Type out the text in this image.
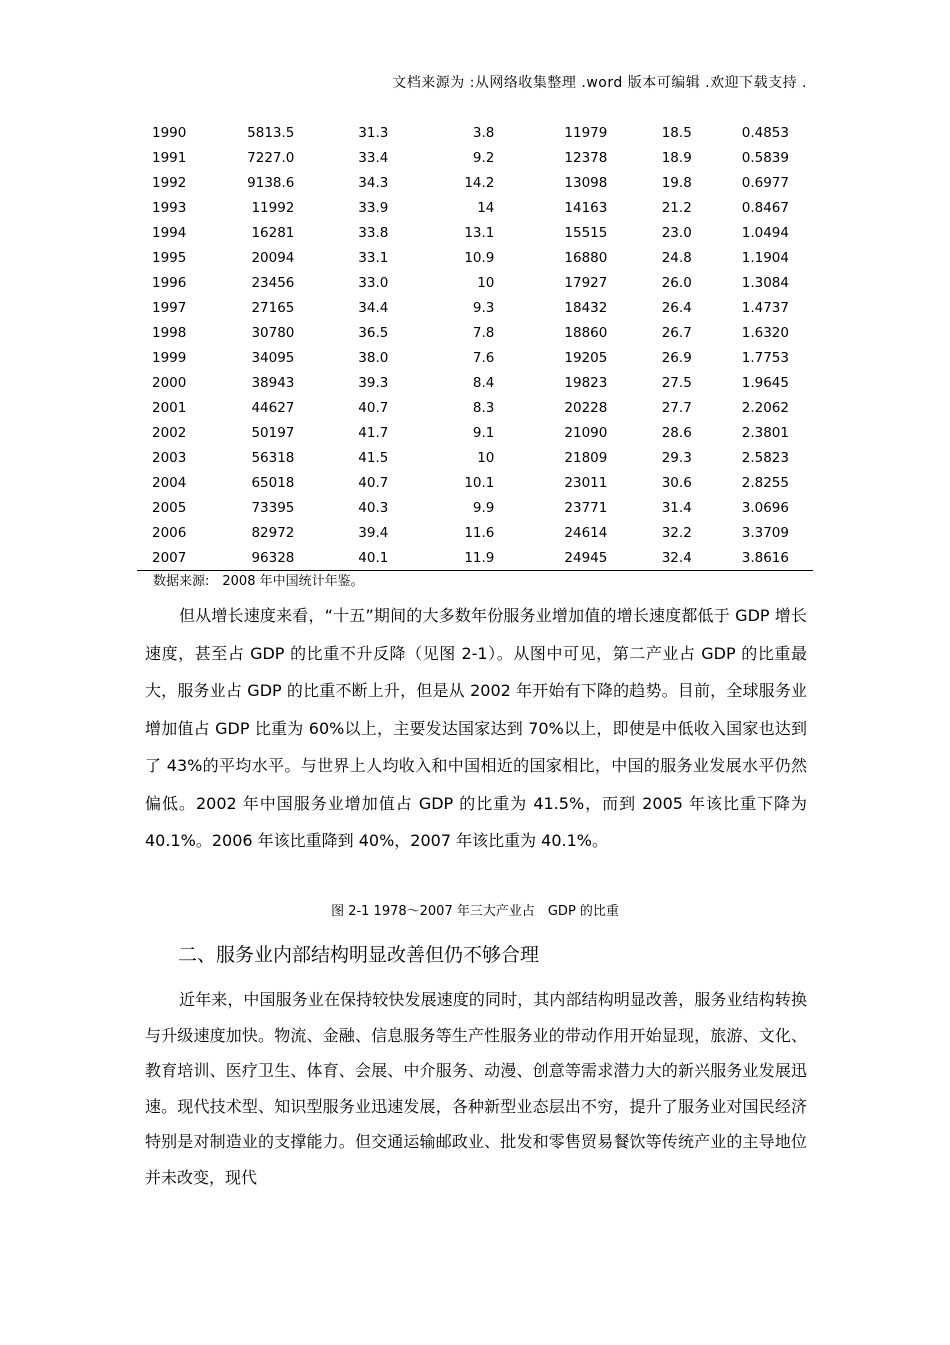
文档来源为 :从网络收集整理 .word 版本可编辑 .欢迎下载支持 .
1990	5813.5	31.3	3.8	11979	18.5	0.4853
1991	7227.0	33.4	9.2	12378	18.9	0.5839
1992	9138.6	34.3	14.2	13098	19.8	0.6977
1993	11992	33.9	14	14163	21.2	0.8467
1994	16281	33.8	13.1	15515	23.0	1.0494
1995	20094	33.1	10.9	16880	24.8	1.1904
1996	23456	33.0	10	17927	26.0	1.3084
1997	27165	34.4	9.3	18432	26.4	1.4737
1998	30780	36.5	7.8	18860	26.7	1.6320
1999	34095	38.0	7.6	19205	26.9	1.7753
2000	38943	39.3	8.4	19823	27.5	1.9645
2001	44627	40.7	8.3	20228	27.7	2.2062
2002	50197	41.7	9.1	21090	28.6	2.3801
2003	56318	41.5	10	21809	29.3	2.5823
2004	65018	40.7	10.1	23011	30.6	2.8255
2005	73395	40.3	9.9	23771	31.4	3.0696
2006	82972	39.4	11.6	24614	32.2	3.3709
2007	96328	40.1	11.9	24945	32.4	3.8616
数据来源:　2008 年中国统计年鉴。

但从增长速度来看，“十五”期间的大多数年份服务业增加值的增长速度都低于 GDP 增长速度，甚至占 GDP 的比重不升反降（见图 2-1）。从图中可见，第二产业占 GDP 的比重最大，服务业占 GDP 的比重不断上升，但是从 2002 年开始有下降的趋势。目前，全球服务业增加值占 GDP 比重为 60%以上，主要发达国家达到 70%以上，即使是中低收入国家也达到了 43%的平均水平。与世界上人均收入和中国相近的国家相比，中国的服务业发展水平仍然偏低。2002 年中国服务业增加值占 GDP 的比重为 41.5%，而到 2005 年该比重下降为 40.1%。2006 年该比重降到 40%，2007 年该比重为 40.1%。

图 2-1 1978～2007 年三大产业占　GDP 的比重
二、服务业内部结构明显改善但仍不够合理

近年来，中国服务业在保持较快发展速度的同时，其内部结构明显改善，服务业结构转换与升级速度加快。物流、金融、信息服务等生产性服务业的带动作用开始显现，旅游、文化、教育培训、医疗卫生、体育、会展、中介服务、动漫、创意等需求潜力大的新兴服务业发展迅速。现代技术型、知识型服务业迅速发展，各种新型业态层出不穷，提升了服务业对国民经济特别是对制造业的支撑能力。但交通运输邮政业、批发和零售贸易餐饮等传统产业的主导地位并未改变，现代
